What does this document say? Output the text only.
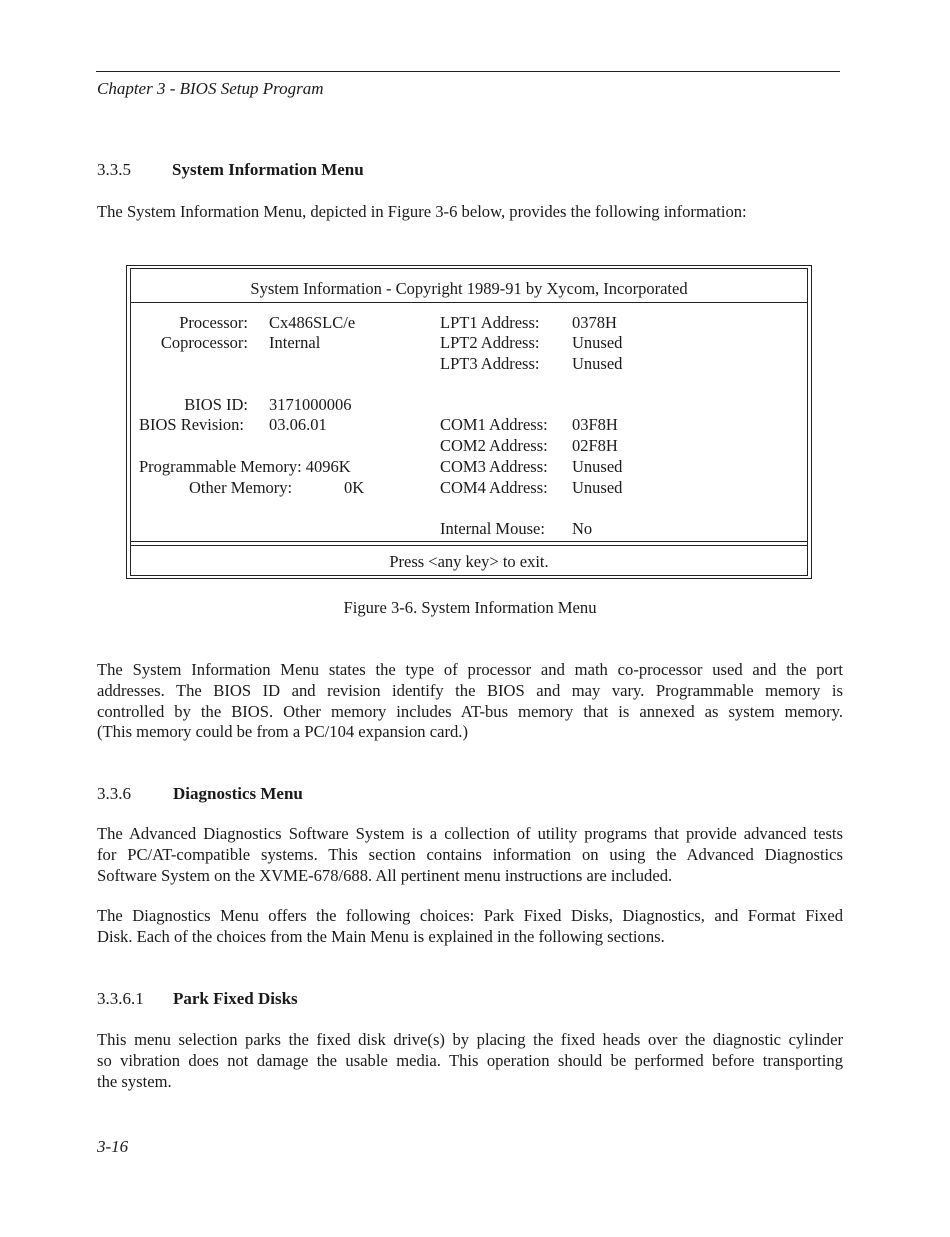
Chapter 3 - BIOS Setup Program
3.3.5 System Information Menu
The System Information Menu, depicted in Figure 3-6 below, provides the following information:
System Information - Copyright 1989-91 by Xycom, Incorporated
Processor: Cx486SLC/e
Coprocessor: Internal
BIOS ID: 3171000006
BIOS Revision: 03.06.01
Programmable Memory: 4096K
Other Memory:	0K
LPT1 Address: 0378H
LPT2 Address: Unused
LPT3 Address: Unused
COM1 Address: 03F8H
COM2 Address: 02F8H
COM3 Address: Unused
COM4 Address: Unused
Internal Mouse: No
Press <any key> to exit.
Figure 3-6. System Information Menu
The System Information Menu states the type of processor and math co-processor used and the port
addresses. The BIOS ID and revision identify the BIOS and may vary. Programmable memory is
controlled by the BIOS. Other memory includes AT-bus memory that is annexed as system memory.
(This memory could be from a PC/104 expansion card.)
3.3.6 Diagnostics Menu
The Advanced Diagnostics Software System is a collection of utility programs that provide advanced tests
for PC/AT-compatible systems. This section contains information on using the Advanced Diagnostics
Software System on the XVME-678/688. All pertinent menu instructions are included.
The Diagnostics Menu offers the following choices: Park Fixed Disks, Diagnostics, and Format Fixed
Disk. Each of the choices from the Main Menu is explained in the following sections.
3.3.6.1 Park Fixed Disks
This menu selection parks the fixed disk drive(s) by placing the fixed heads over the diagnostic cylinder
so vibration does not damage the usable media. This operation should be performed before transporting
the system.
3-16
